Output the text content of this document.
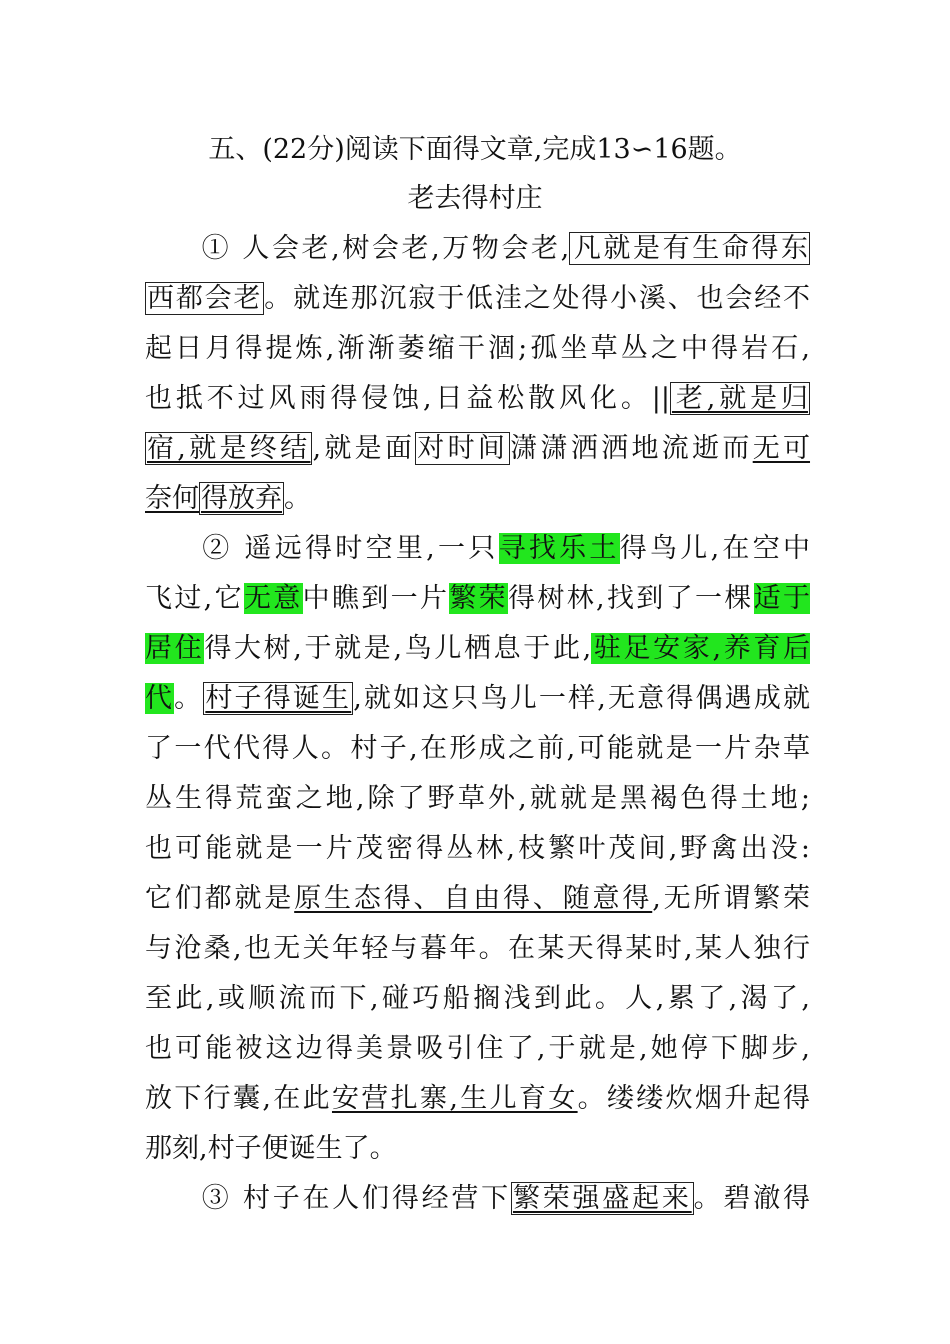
五、(22分)阅读下面得文章,完成13∽16题。
老去得村庄
① 人会老,树会老,万物会老,凡就是有生命得东
西都会老。就连那沉寂于低洼之处得小溪、也会经不
起日月得提炼,渐渐萎缩干涸;孤坐草丛之中得岩石,
也抵不过风雨得侵蚀,日益松散风化。||老,就是归
宿,就是终结,就是面对时间潇潇洒洒地流逝而无可
奈何得放弃。
② 遥远得时空里,一只寻找乐土得鸟儿,在空中
飞过,它无意中瞧到一片繁荣得树林,找到了一棵适于
居住得大树,于就是,鸟儿栖息于此,驻足安家,养育后
代。村子得诞生,就如这只鸟儿一样,无意得偶遇成就
了一代代得人。村子,在形成之前,可能就是一片杂草
丛生得荒蛮之地,除了野草外,就就是黑褐色得土地;
也可能就是一片茂密得丛林,枝繁叶茂间,野禽出没:
它们都就是原生态得、自由得、随意得,无所谓繁荣
与沧桑,也无关年轻与暮年。在某天得某时,某人独行
至此,或顺流而下,碰巧船搁浅到此。人,累了,渴了,
也可能被这边得美景吸引住了,于就是,她停下脚步,
放下行囊,在此安营扎寨,生儿育女。缕缕炊烟升起得
那刻,村子便诞生了。
③ 村子在人们得经营下繁荣强盛起来。碧澈得
